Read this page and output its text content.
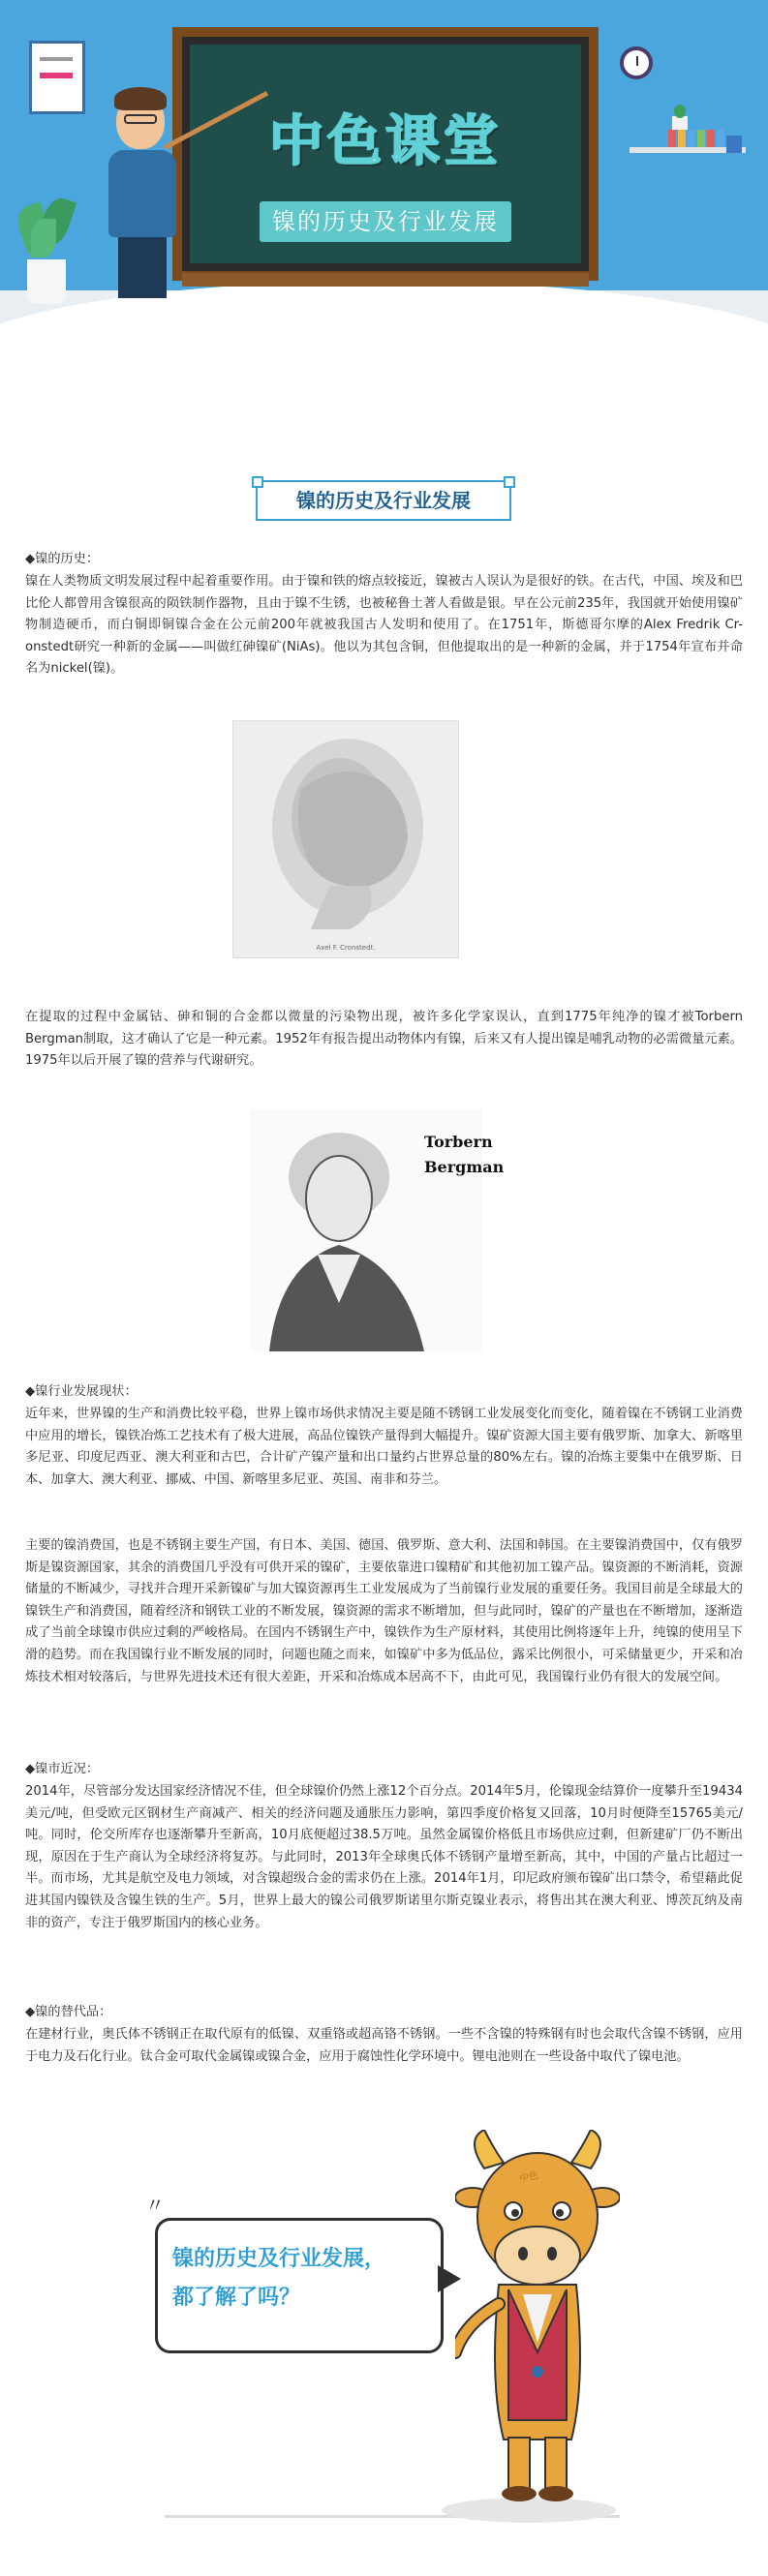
中色课堂
镍的历史及行业发展
镍的历史及行业发展
◆镍的历史：

镍在人类物质文明发展过程中起着重要作用。由于镍和铁的熔点较接近，镍被古人误认为是很好的铁。在古代，中国、埃及和巴比伦人都曾用含镍很高的陨铁制作器物，且由于镍不生锈，也被秘鲁土著人看做是银。早在公元前235年，我国就开始使用镍矿物制造硬币，而白铜即铜镍合金在公元前200年就被我国古人发明和使用了。在1751年，斯德哥尔摩的Alex Fredrik Cr-onstedt研究一种新的金属——叫做红砷镍矿(NiAs)。他以为其包含铜，但他提取出的是一种新的金属，并于1754年宣布并命名为nickel(镍)。

Axel F. Cronstedt.

在提取的过程中金属钴、砷和铜的合金都以微量的污染物出现，被许多化学家误认，直到1775年纯净的镍才被Torbern Bergman制取，这才确认了它是一种元素。1952年有报告提出动物体内有镍，后来又有人提出镍是哺乳动物的必需微量元素。1975年以后开展了镍的营养与代谢研究。

Torbern
Bergman
◆镍行业发展现状：

近年来，世界镍的生产和消费比较平稳，世界上镍市场供求情况主要是随不锈钢工业发展变化而变化，随着镍在不锈钢工业消费中应用的增长，镍铁冶炼工艺技术有了极大进展，高品位镍铁产量得到大幅提升。镍矿资源大国主要有俄罗斯、加拿大、新喀里多尼亚、印度尼西亚、澳大利亚和古巴，合计矿产镍产量和出口量约占世界总量的80%左右。镍的冶炼主要集中在俄罗斯、日本、加拿大、澳大利亚、挪威、中国、新喀里多尼亚、英国、南非和芬兰。

主要的镍消费国，也是不锈钢主要生产国，有日本、美国、德国、俄罗斯、意大利、法国和韩国。在主要镍消费国中，仅有俄罗斯是镍资源国家，其余的消费国几乎没有可供开采的镍矿，主要依靠进口镍精矿和其他初加工镍产品。镍资源的不断消耗，资源储量的不断减少，寻找并合理开采新镍矿与加大镍资源再生工业发展成为了当前镍行业发展的重要任务。我国目前是全球最大的镍铁生产和消费国，随着经济和钢铁工业的不断发展，镍资源的需求不断增加，但与此同时，镍矿的产量也在不断增加，逐渐造成了当前全球镍市供应过剩的严峻格局。在国内不锈钢生产中，镍铁作为生产原材料，其使用比例将逐年上升，纯镍的使用呈下滑的趋势。而在我国镍行业不断发展的同时，问题也随之而来，如镍矿中多为低品位，露采比例很小，可采储量更少，开采和冶炼技术相对较落后，与世界先进技术还有很大差距，开采和冶炼成本居高不下，由此可见，我国镍行业仍有很大的发展空间。

◆镍市近况：

2014年，尽管部分发达国家经济情况不佳，但全球镍价仍然上涨12个百分点。2014年5月，伦镍现金结算价一度攀升至19434美元/吨，但受欧元区钢材生产商减产、相关的经济问题及通胀压力影响，第四季度价格复又回落，10月时便降至15765美元/吨。同时，伦交所库存也逐渐攀升至新高，10月底便超过38.5万吨。虽然金属镍价格低且市场供应过剩，但新建矿厂仍不断出现，原因在于生产商认为全球经济将复苏。与此同时，2013年全球奥氏体不锈钢产量增至新高，其中，中国的产量占比超过一半。而市场，尤其是航空及电力领域，对含镍超级合金的需求仍在上涨。2014年1月，印尼政府颁布镍矿出口禁令，希望藉此促进其国内镍铁及含镍生铁的生产。5月，世界上最大的镍公司俄罗斯诺里尔斯克镍业表示，将售出其在澳大利亚、博茨瓦纳及南非的资产，专注于俄罗斯国内的核心业务。

◆镍的替代品：

在建材行业，奥氏体不锈钢正在取代原有的低镍、双重铬或超高铬不锈钢。一些不含镍的特殊钢有时也会取代含镍不锈钢，应用于电力及石化行业。钛合金可取代金属镍或镍合金，应用于腐蚀性化学环境中。锂电池则在一些设备中取代了镍电池。

〃
镍的历史及行业发展，
都了解了吗？
中色
